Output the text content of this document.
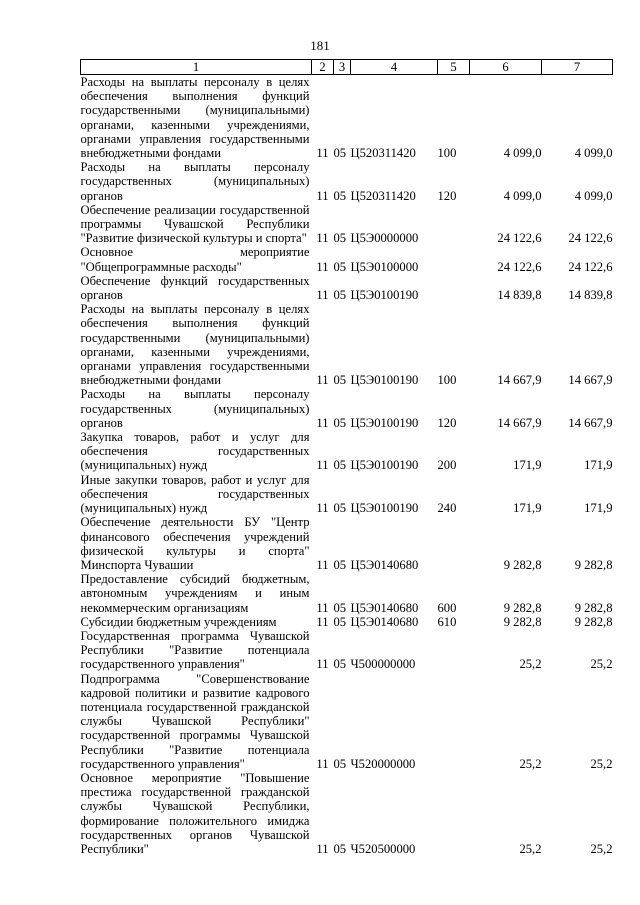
181
1	2	3	4	5	6	7
Расходы на выплаты персоналу в целях обеспечения выполнения функций государственными (муниципальными) органами, казенными учреждениями, органами управления государственными внебюджетными фондами	11	05	Ц520311420	100	4 099,0	4 099,0
Расходы на выплаты персоналу государственных (муниципальных) органов	11	05	Ц520311420	120	4 099,0	4 099,0
Обеспечение реализации государственной программы Чувашской Республики "Развитие физической культуры и спорта"	11	05	Ц5Э0000000		24 122,6	24 122,6
Основное мероприятие "Общепрограммные расходы"	11	05	Ц5Э0100000		24 122,6	24 122,6
Обеспечение функций государственных органов	11	05	Ц5Э0100190		14 839,8	14 839,8
Расходы на выплаты персоналу в целях обеспечения выполнения функций государственными (муниципальными) органами, казенными учреждениями, органами управления государственными внебюджетными фондами	11	05	Ц5Э0100190	100	14 667,9	14 667,9
Расходы на выплаты персоналу государственных (муниципальных) органов	11	05	Ц5Э0100190	120	14 667,9	14 667,9
Закупка товаров, работ и услуг для обеспечения государственных (муниципальных) нужд	11	05	Ц5Э0100190	200	171,9	171,9
Иные закупки товаров, работ и услуг для обеспечения государственных (муниципальных) нужд	11	05	Ц5Э0100190	240	171,9	171,9
Обеспечение деятельности БУ "Центр финансового обеспечения учреждений физической культуры и спорта" Минспорта Чувашии	11	05	Ц5Э0140680		9 282,8	9 282,8
Предоставление субсидий бюджетным, автономным учреждениям и иным некоммерческим организациям	11	05	Ц5Э0140680	600	9 282,8	9 282,8
Субсидии бюджетным учреждениям	11	05	Ц5Э0140680	610	9 282,8	9 282,8
Государственная программа Чувашской Республики "Развитие потенциала государственного управления"	11	05	Ч500000000		25,2	25,2
Подпрограмма "Совершенствование кадровой политики и развитие кадрового потенциала государственной гражданской службы Чувашской Республики" государственной программы Чувашской Республики "Развитие потенциала государственного управления"	11	05	Ч520000000		25,2	25,2
Основное мероприятие "Повышение престижа государственной гражданской службы Чувашской Республики, формирование положительного имиджа государственных органов Чувашской Республики"	11	05	Ч520500000		25,2	25,2
